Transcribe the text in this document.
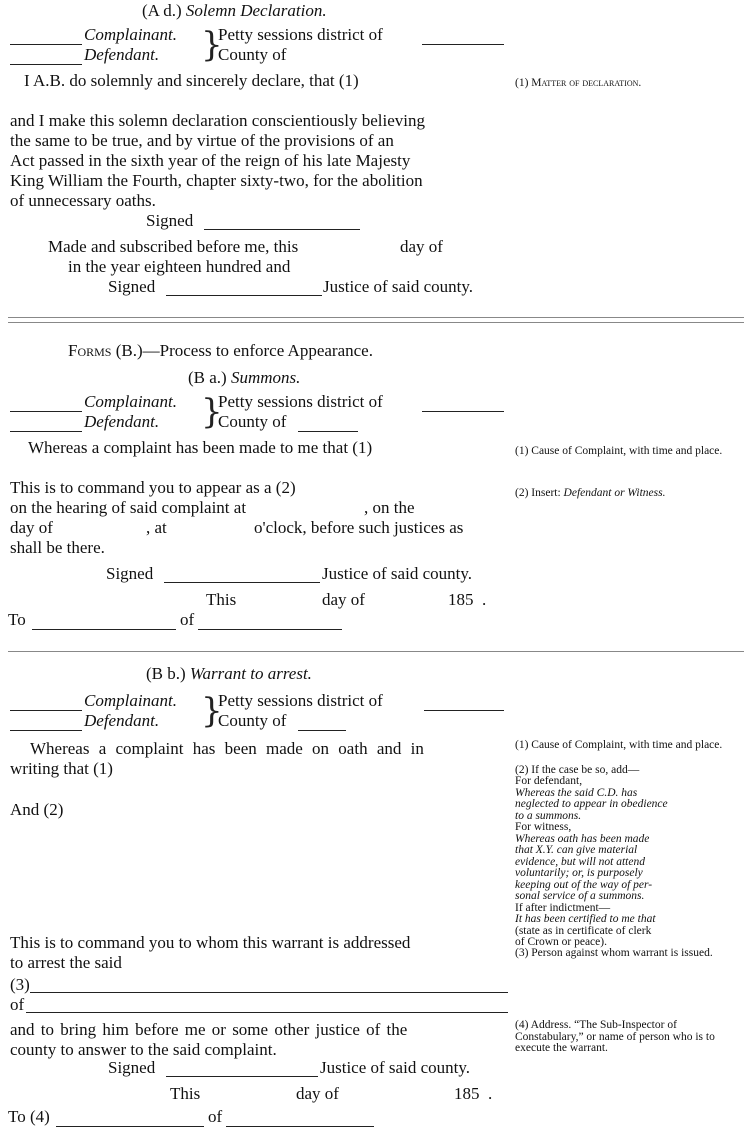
(A d.) Solemn Declaration.
Complainant.
Defendant. }
Petty sessions district of
County of
I A.B. do solemnly and sincerely declare, that (1)	(1) Matter of declaration.
and I make this solemn declaration conscientiously believing
the same to be true, and by virtue of the provisions of an
Act passed in the sixth year of the reign of his late Majesty
King William the Fourth, chapter sixty-two, for the abolition
of unnecessary oaths.
Signed
Made and subscribed before me, this	day of
in the year eighteen hundred and
Signed	Justice of said county.
Forms (B.)—Process to enforce Appearance.
(B a.) Summons.
Complainant.
Defendant. }
Petty sessions district of
County of
Whereas a complaint has been made to me that (1)	(1) Cause of Complaint, with time and place.
This is to command you to appear as a (2)	(2) Insert: Defendant or Witness.
on the hearing of said complaint at	, on the
day of	, at	o'clock, before such justices as
shall be there.
Signed	Justice of said county.
This	day of	185  .
To	of
(B b.) Warrant to arrest.
Complainant.
Defendant. }
Petty sessions district of
County of
Whereas a complaint has been made on oath and in
writing that (1)
And (2)
(1) Cause of Complaint, with time and place.
(2) If the case be so, add—
For defendant,
Whereas the said C.D. has
neglected to appear in obedience
to a summons.
For witness,
Whereas oath has been made
that X.Y. can give material
evidence, but will not attend
voluntarily; or, is purposely
keeping out of the way of per-
sonal service of a summons.
If after indictment—
It has been certified to me that
(state as in certificate of clerk
of Crown or peace).
(3) Person against whom warrant is issued.
This is to command you to whom this warrant is addressed
to arrest the said
(3)
of
and to bring him before me or some other justice of the
county to answer to the said complaint.
(4) Address. “The Sub-Inspector of Constabulary,” or name of person who is to execute the warrant.
Signed	Justice of said county.
This	day of	185  .
To (4)	of
